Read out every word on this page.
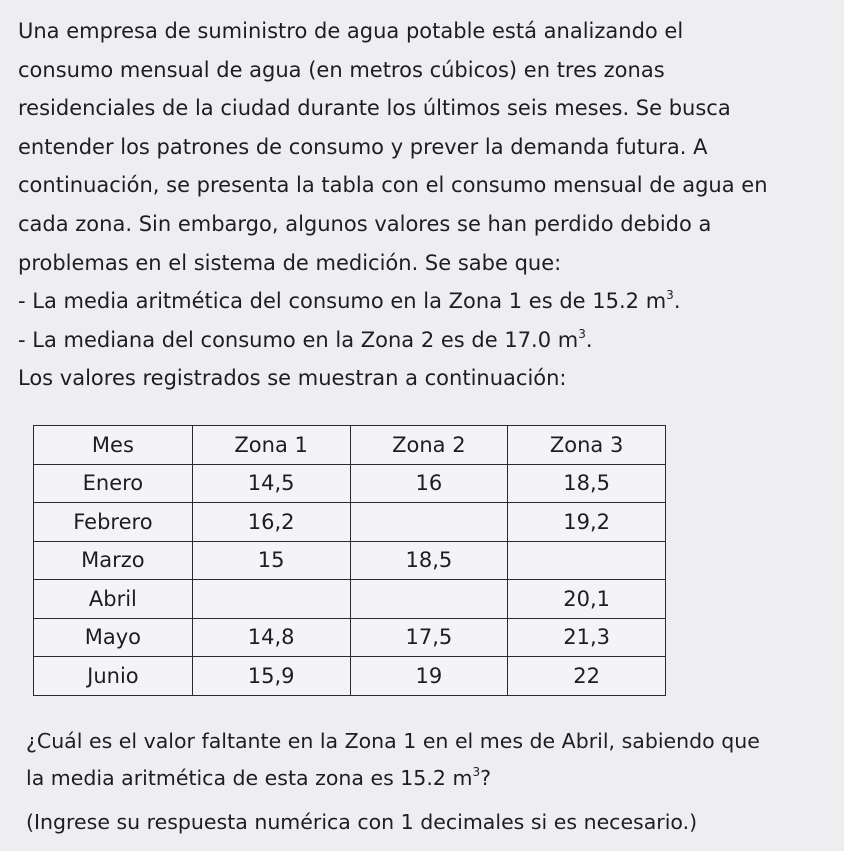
Una empresa de suministro de agua potable está analizando el

consumo mensual de agua (en metros cúbicos) en tres zonas

residenciales de la ciudad durante los últimos seis meses. Se busca

entender los patrones de consumo y prever la demanda futura. A

continuación, se presenta la tabla con el consumo mensual de agua en

cada zona. Sin embargo, algunos valores se han perdido debido a

problemas en el sistema de medición. Se sabe que:

- La media aritmética del consumo en la Zona 1 es de 15.2 $m^3$.

- La mediana del consumo en la Zona 2 es de 17.0 $m^3$.

Los valores registrados se muestran a continuación:

Mes	Zona 1	Zona 2	Zona 3
Enero	14,5	16	18,5
Febrero	16,2		19,2
Marzo	15	18,5	
Abril			20,1
Mayo	14,8	17,5	21,3
Junio	15,9	19	22

¿Cuál es el valor faltante en la Zona 1 en el mes de Abril, sabiendo que

la media aritmética de esta zona es 15.2 $m^3$?

(Ingrese su respuesta numérica con 1 decimales si es necesario.)
